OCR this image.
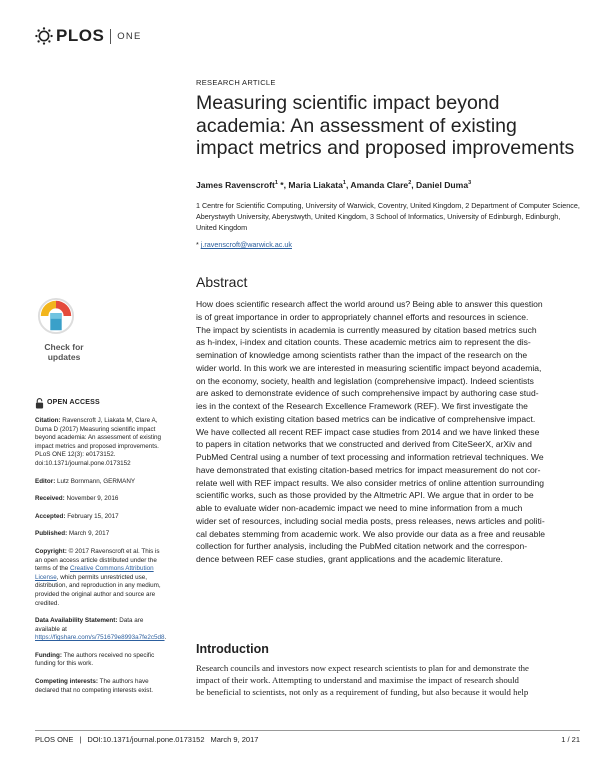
PLOS ONE
RESEARCH ARTICLE
Measuring scientific impact beyond academia: An assessment of existing impact metrics and proposed improvements
James Ravenscroft$^1$ *, Maria Liakata$^1$, Amanda Clare$^2$, Daniel Duma$^3$
1 Centre for Scientific Computing, University of Warwick, Coventry, United Kingdom, 2 Department of Computer Science, Aberystwyth University, Aberystwyth, United Kingdom, 3 School of Informatics, University of Edinburgh, Edinburgh, United Kingdom
* j.ravenscroft@warwick.ac.uk
Abstract
How does scientific research affect the world around us? Being able to answer this question
is of great importance in order to appropriately channel efforts and resources in science.
The impact by scientists in academia is currently measured by citation based metrics such
as h-index, i-index and citation counts. These academic metrics aim to represent the dis-
semination of knowledge among scientists rather than the impact of the research on the
wider world. In this work we are interested in measuring scientific impact beyond academia,
on the economy, society, health and legislation (comprehensive impact). Indeed scientists
are asked to demonstrate evidence of such comprehensive impact by authoring case stud-
ies in the context of the Research Excellence Framework (REF). We first investigate the
extent to which existing citation based metrics can be indicative of comprehensive impact.
We have collected all recent REF impact case studies from 2014 and we have linked these
to papers in citation networks that we constructed and derived from CiteSeerX, arXiv and
PubMed Central using a number of text processing and information retrieval techniques. We
have demonstrated that existing citation-based metrics for impact measurement do not cor-
relate well with REF impact results. We also consider metrics of online attention surrounding
scientific works, such as those provided by the Altmetric API. We argue that in order to be
able to evaluate wider non-academic impact we need to mine information from a much
wider set of resources, including social media posts, press releases, news articles and politi-
cal debates stemming from academic work. We also provide our data as a free and reusable
collection for further analysis, including the PubMed citation network and the correspon-
dence between REF case studies, grant applications and the academic literature.
Introduction
Research councils and investors now expect research scientists to plan for and demonstrate the
impact of their work. Attempting to understand and maximise the impact of research should
be beneficial to scientists, not only as a requirement of funding, but also because it would help
Check for
updates
OPEN ACCESS
Citation: Ravenscroft J, Liakata M, Clare A, Duma D (2017) Measuring scientific impact beyond academia: An assessment of existing impact metrics and proposed improvements. PLoS ONE 12(3): e0173152. doi:10.1371/journal.pone.0173152
Editor: Lutz Bornmann, GERMANY
Received: November 9, 2016
Accepted: February 15, 2017
Published: March 9, 2017
Copyright: © 2017 Ravenscroft et al. This is an open access article distributed under the terms of the Creative Commons Attribution License, which permits unrestricted use, distribution, and reproduction in any medium, provided the original author and source are credited.
Data Availability Statement: Data are available at https://figshare.com/s/751679e8993a7fe2c5d8.
Funding: The authors received no specific funding for this work.
Competing interests: The authors have declared that no competing interests exist.
PLOS ONE | DOI:10.1371/journal.pone.0173152 March 9, 2017	1 / 21
